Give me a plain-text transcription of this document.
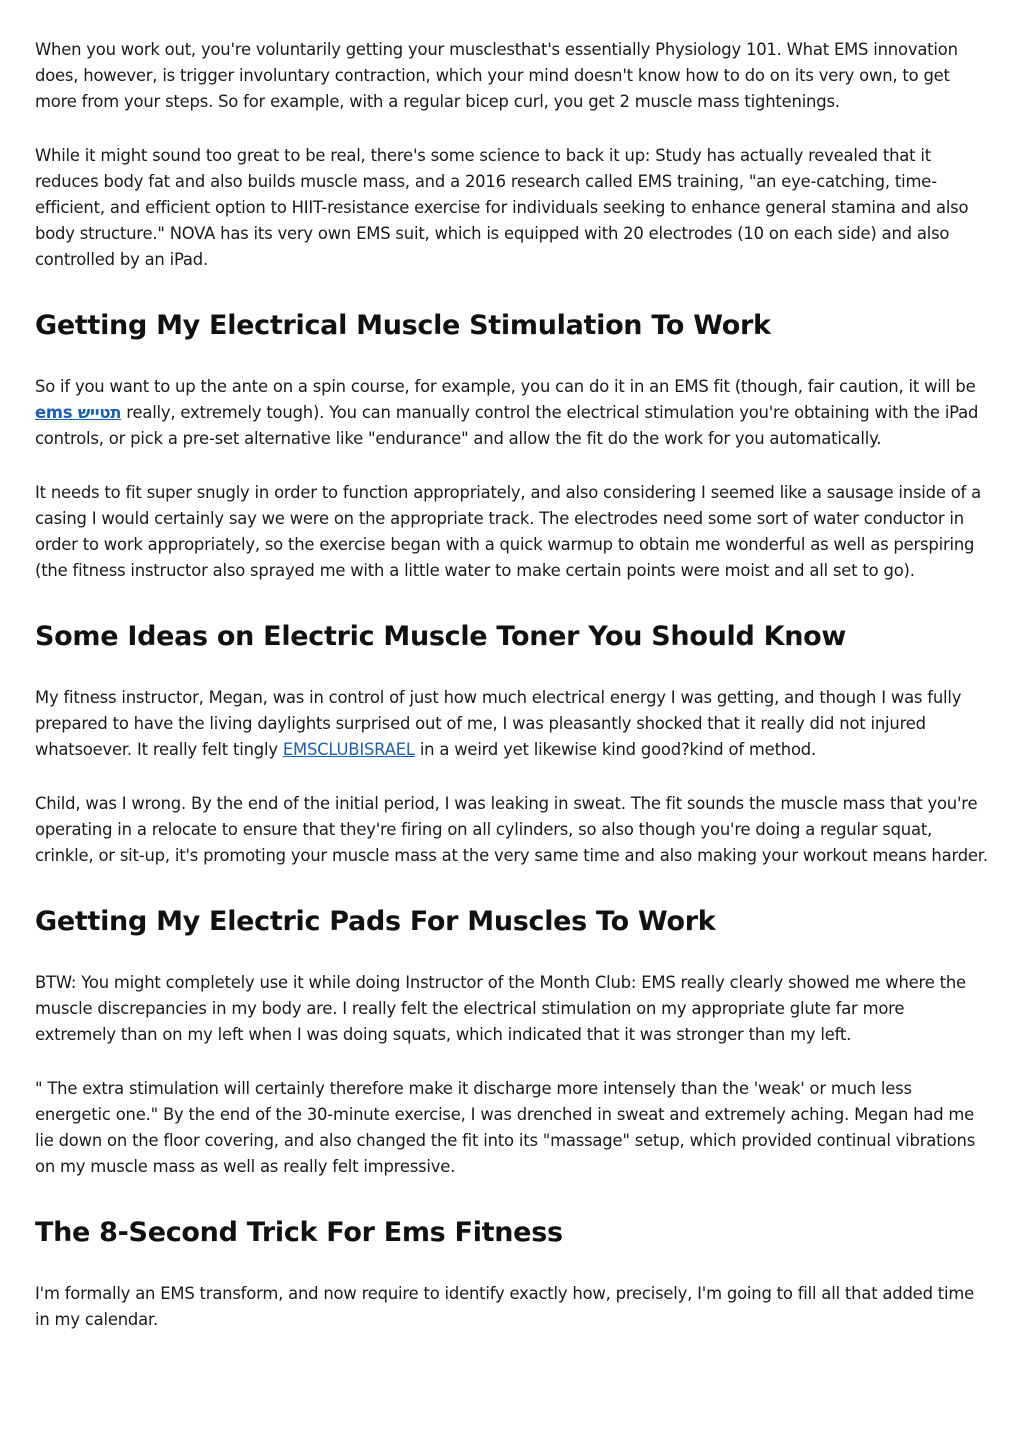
When you work out, you're voluntarily getting your musclesthat's essentially Physiology 101. What EMS innovation does, however, is trigger involuntary contraction, which your mind doesn't know how to do on its very own, to get more from your steps. So for example, with a regular bicep curl, you get 2 muscle mass tightenings.

While it might sound too great to be real, there's some science to back it up: Study has actually revealed that it reduces body fat and also builds muscle mass, and a 2016 research called EMS training, "an eye-catching, time-efficient, and efficient option to HIIT-resistance exercise for individuals seeking to enhance general stamina and also body structure." NOVA has its very own EMS suit, which is equipped with 20 electrodes (10 on each side) and also controlled by an iPad.

Getting My Electrical Muscle Stimulation To Work

So if you want to up the ante on a spin course, for example, you can do it in an EMS fit (though, fair caution, it will be תטייש ems really, extremely tough). You can manually control the electrical stimulation you're obtaining with the iPad controls, or pick a pre-set alternative like "endurance" and allow the fit do the work for you automatically.

It needs to fit super snugly in order to function appropriately, and also considering I seemed like a sausage inside of a casing I would certainly say we were on the appropriate track. The electrodes need some sort of water conductor in order to work appropriately, so the exercise began with a quick warmup to obtain me wonderful as well as perspiring (the fitness instructor also sprayed me with a little water to make certain points were moist and all set to go).

Some Ideas on Electric Muscle Toner You Should Know

My fitness instructor, Megan, was in control of just how much electrical energy I was getting, and though I was fully prepared to have the living daylights surprised out of me, I was pleasantly shocked that it really did not injured whatsoever. It really felt tingly EMSCLUBISRAEL in a weird yet likewise kind good?kind of method.

Child, was I wrong. By the end of the initial period, I was leaking in sweat. The fit sounds the muscle mass that you're operating in a relocate to ensure that they're firing on all cylinders, so also though you're doing a regular squat, crinkle, or sit-up, it's promoting your muscle mass at the very same time and also making your workout means harder.

Getting My Electric Pads For Muscles To Work

BTW: You might completely use it while doing Instructor of the Month Club: EMS really clearly showed me where the muscle discrepancies in my body are. I really felt the electrical stimulation on my appropriate glute far more extremely than on my left when I was doing squats, which indicated that it was stronger than my left.

" The extra stimulation will certainly therefore make it discharge more intensely than the 'weak' or much less energetic one." By the end of the 30-minute exercise, I was drenched in sweat and extremely aching. Megan had me lie down on the floor covering, and also changed the fit into its "massage" setup, which provided continual vibrations on my muscle mass as well as really felt impressive.

The 8-Second Trick For Ems Fitness

I'm formally an EMS transform, and now require to identify exactly how, precisely, I'm going to fill all that added time in my calendar.
